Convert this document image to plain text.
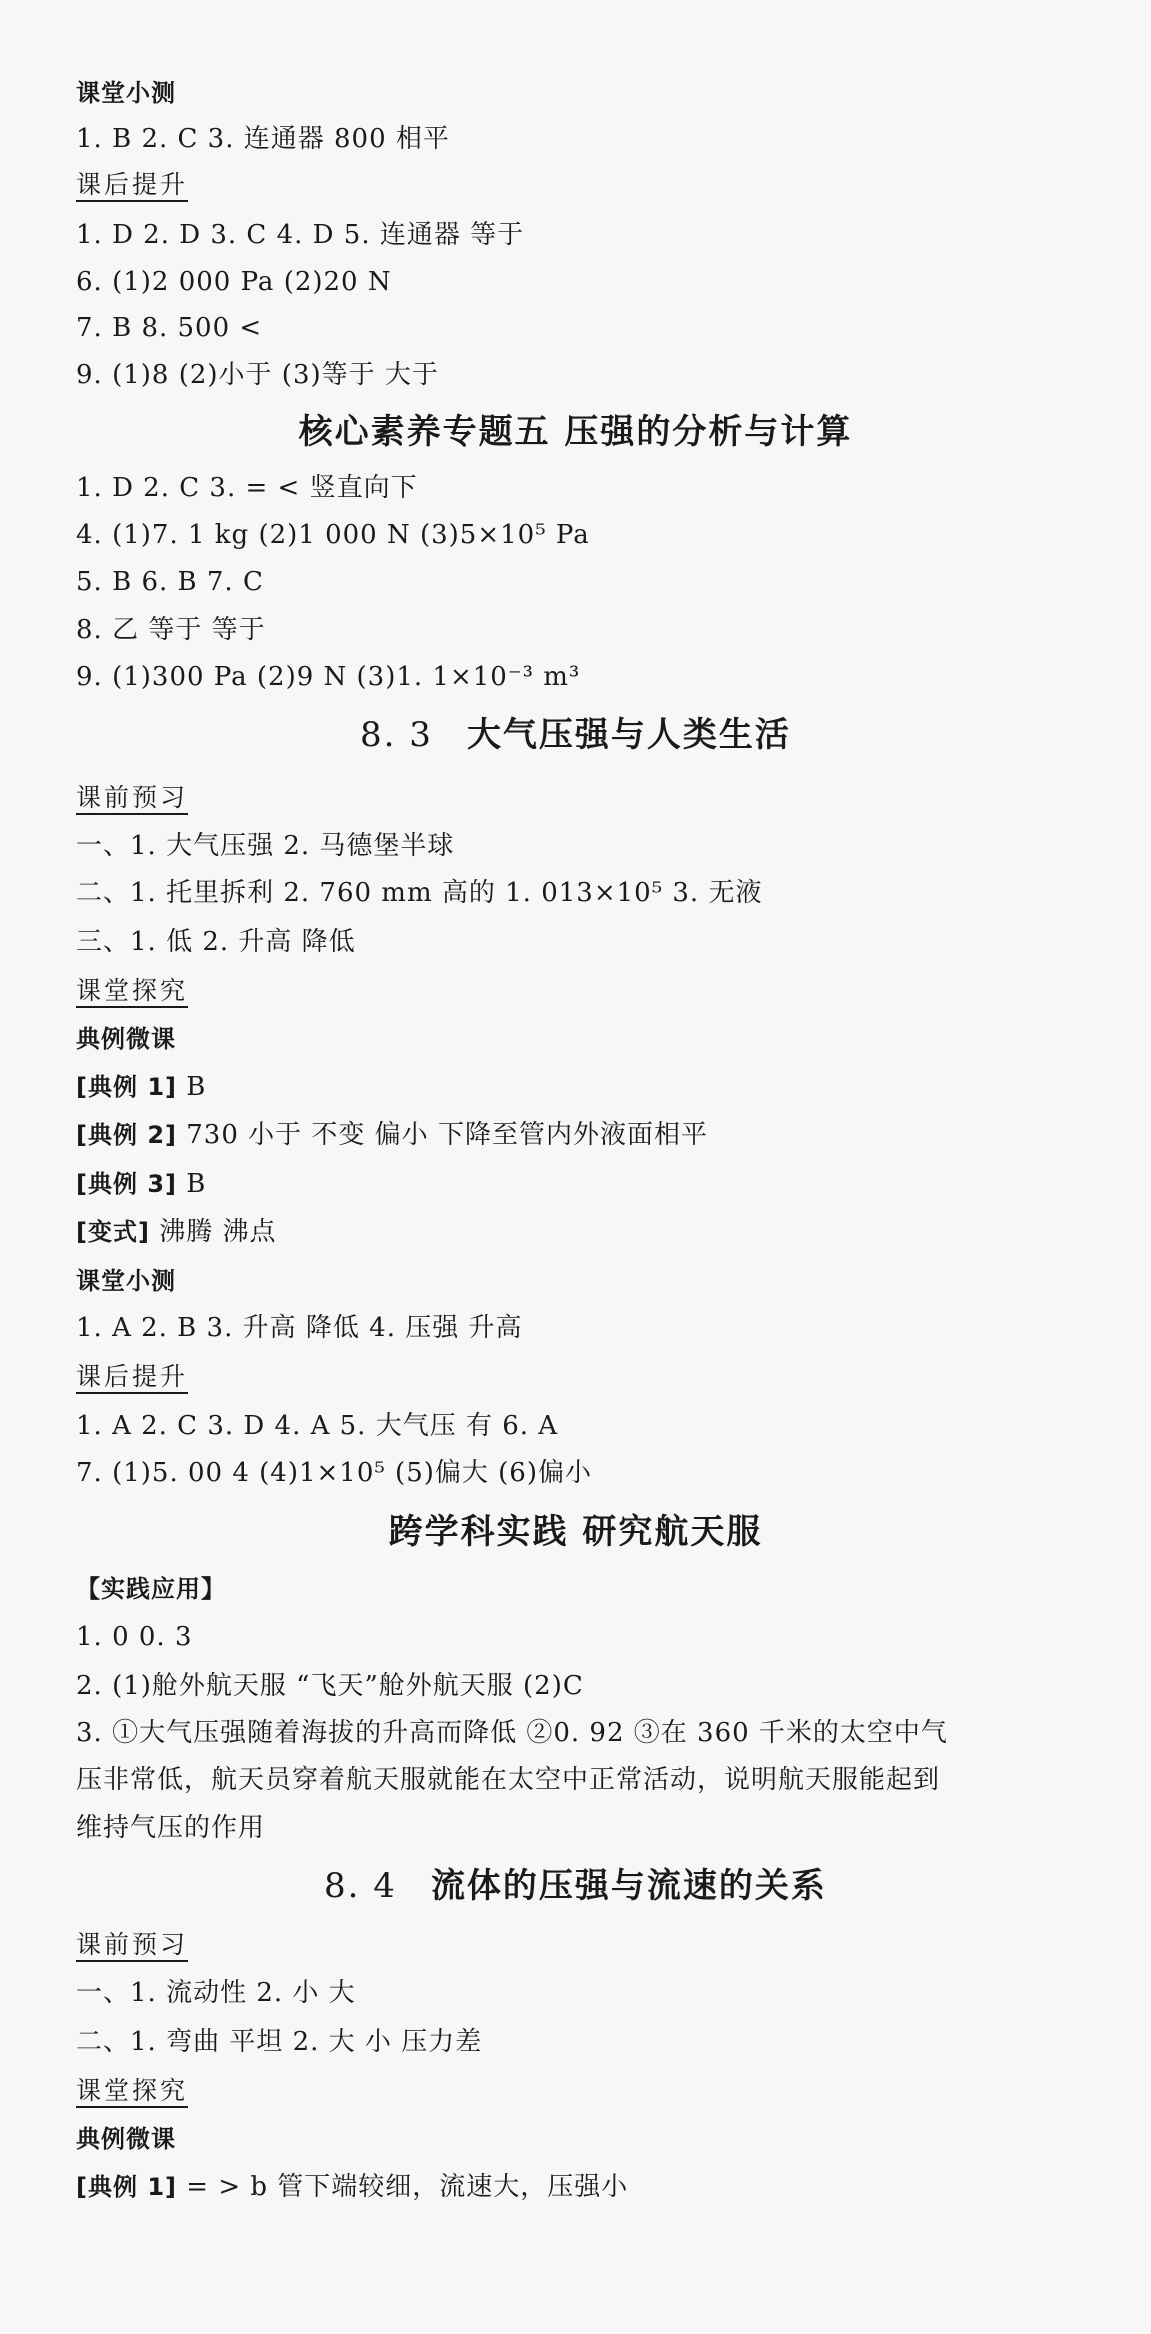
课堂小测
1. B 2. C 3. 连通器 800 相平
课后提升
1. D 2. D 3. C 4. D 5. 连通器 等于
6. (1)2 000 Pa (2)20 N
7. B 8. 500 <
9. (1)8 (2)小于 (3)等于 大于
核心素养专题五 压强的分析与计算
1. D 2. C 3. = < 竖直向下
4. (1)7. 1 kg (2)1 000 N (3)5×10⁵ Pa
5. B 6. B 7. C
8. 乙 等于 等于
9. (1)300 Pa (2)9 N (3)1. 1×10⁻³ m³
8. 3 大气压强与人类生活
课前预习
一、1. 大气压强 2. 马德堡半球
二、1. 托里拆利 2. 760 mm 高的 1. 013×10⁵ 3. 无液
三、1. 低 2. 升高 降低
课堂探究
典例微课
[典例 1] B
[典例 2] 730 小于 不变 偏小 下降至管内外液面相平
[典例 3] B
[变式] 沸腾 沸点
课堂小测
1. A 2. B 3. 升高 降低 4. 压强 升高
课后提升
1. A 2. C 3. D 4. A 5. 大气压 有 6. A
7. (1)5. 00 4 (4)1×10⁵ (5)偏大 (6)偏小
跨学科实践 研究航天服
【实践应用】
1. 0 0. 3
2. (1)舱外航天服 “飞天”舱外航天服 (2)C
3. ①大气压强随着海拔的升高而降低 ②0. 92 ③在 360 千米的太空中气
压非常低，航天员穿着航天服就能在太空中正常活动，说明航天服能起到
维持气压的作用
8. 4 流体的压强与流速的关系
课前预习
一、1. 流动性 2. 小 大
二、1. 弯曲 平坦 2. 大 小 压力差
课堂探究
典例微课
[典例 1] = > b 管下端较细，流速大，压强小
